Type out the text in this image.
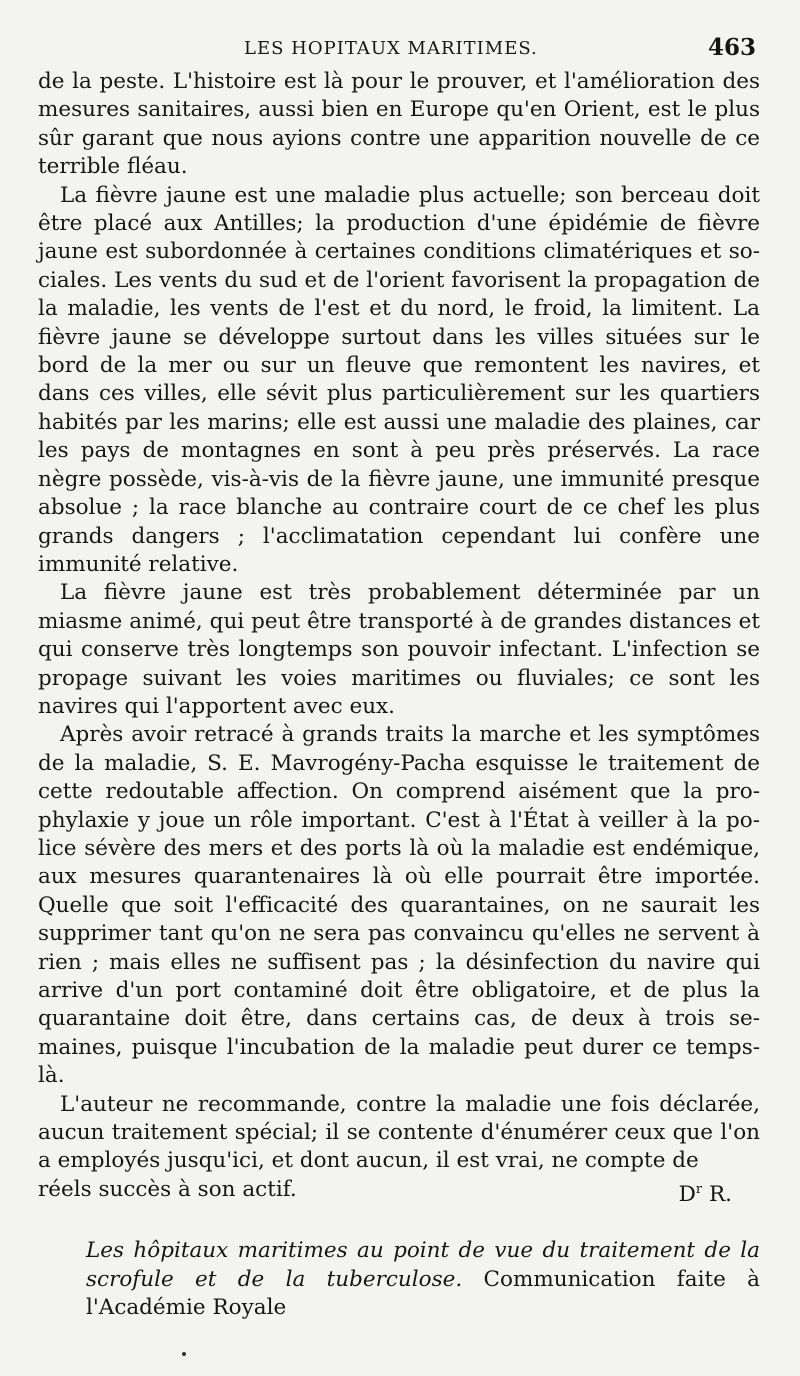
LES HOPITAUX MARITIMES.	463

de la peste. L'histoire est là pour le prouver, et l'amélioration des mesures sanitaires, aussi bien en Europe qu'en Orient, est le plus sûr garant que nous ayions contre une apparition nouvelle de ce terrible fléau.

La fièvre jaune est une maladie plus actuelle; son berceau doit être placé aux Antilles; la production d'une épidémie de fièvre jaune est subordonnée à certaines conditions climatériques et sociales. Les vents du sud et de l'orient favorisent la propagation de la maladie, les vents de l'est et du nord, le froid, la limitent. La fièvre jaune se développe surtout dans les villes situées sur le bord de la mer ou sur un fleuve que remontent les navires, et dans ces villes, elle sévit plus particulièrement sur les quartiers habités par les marins; elle est aussi une maladie des plaines, car les pays de montagnes en sont à peu près préservés. La race nègre possède, vis-à-vis de la fièvre jaune, une immunité presque absolue ; la race blanche au contraire court de ce chef les plus grands dangers ; l'acclimatation cependant lui confère une immunité relative.

La fièvre jaune est très probablement déterminée par un miasme animé, qui peut être transporté à de grandes distances et qui conserve très longtemps son pouvoir infectant. L'infection se propage suivant les voies maritimes ou fluviales; ce sont les navires qui l'apportent avec eux.

Après avoir retracé à grands traits la marche et les symptômes de la maladie, S. E. Mavrogény-Pacha esquisse le traitement de cette redoutable affection. On comprend aisément que la prophylaxie y joue un rôle important. C'est à l'État à veiller à la police sévère des mers et des ports là où la maladie est endémique, aux mesures quarantenaires là où elle pourrait être importée. Quelle que soit l'efficacité des quarantaines, on ne saurait les supprimer tant qu'on ne sera pas convaincu qu'elles ne servent à rien ; mais elles ne suffisent pas ; la désinfection du navire qui arrive d'un port contaminé doit être obligatoire, et de plus la quarantaine doit être, dans certains cas, de deux à trois semaines, puisque l'incubation de la maladie peut durer ce temps-là.

L'auteur ne recommande, contre la maladie une fois déclarée, aucun traitement spécial; il se contente d'énumérer ceux que l'on a employés jusqu'ici, et dont aucun, il est vrai, ne compte de

réels succès à son actif.	$D^r$ R.

Les hôpitaux maritimes au point de vue du traitement de la scrofule et de la tuberculose. Communication faite à l'Académie Royale
